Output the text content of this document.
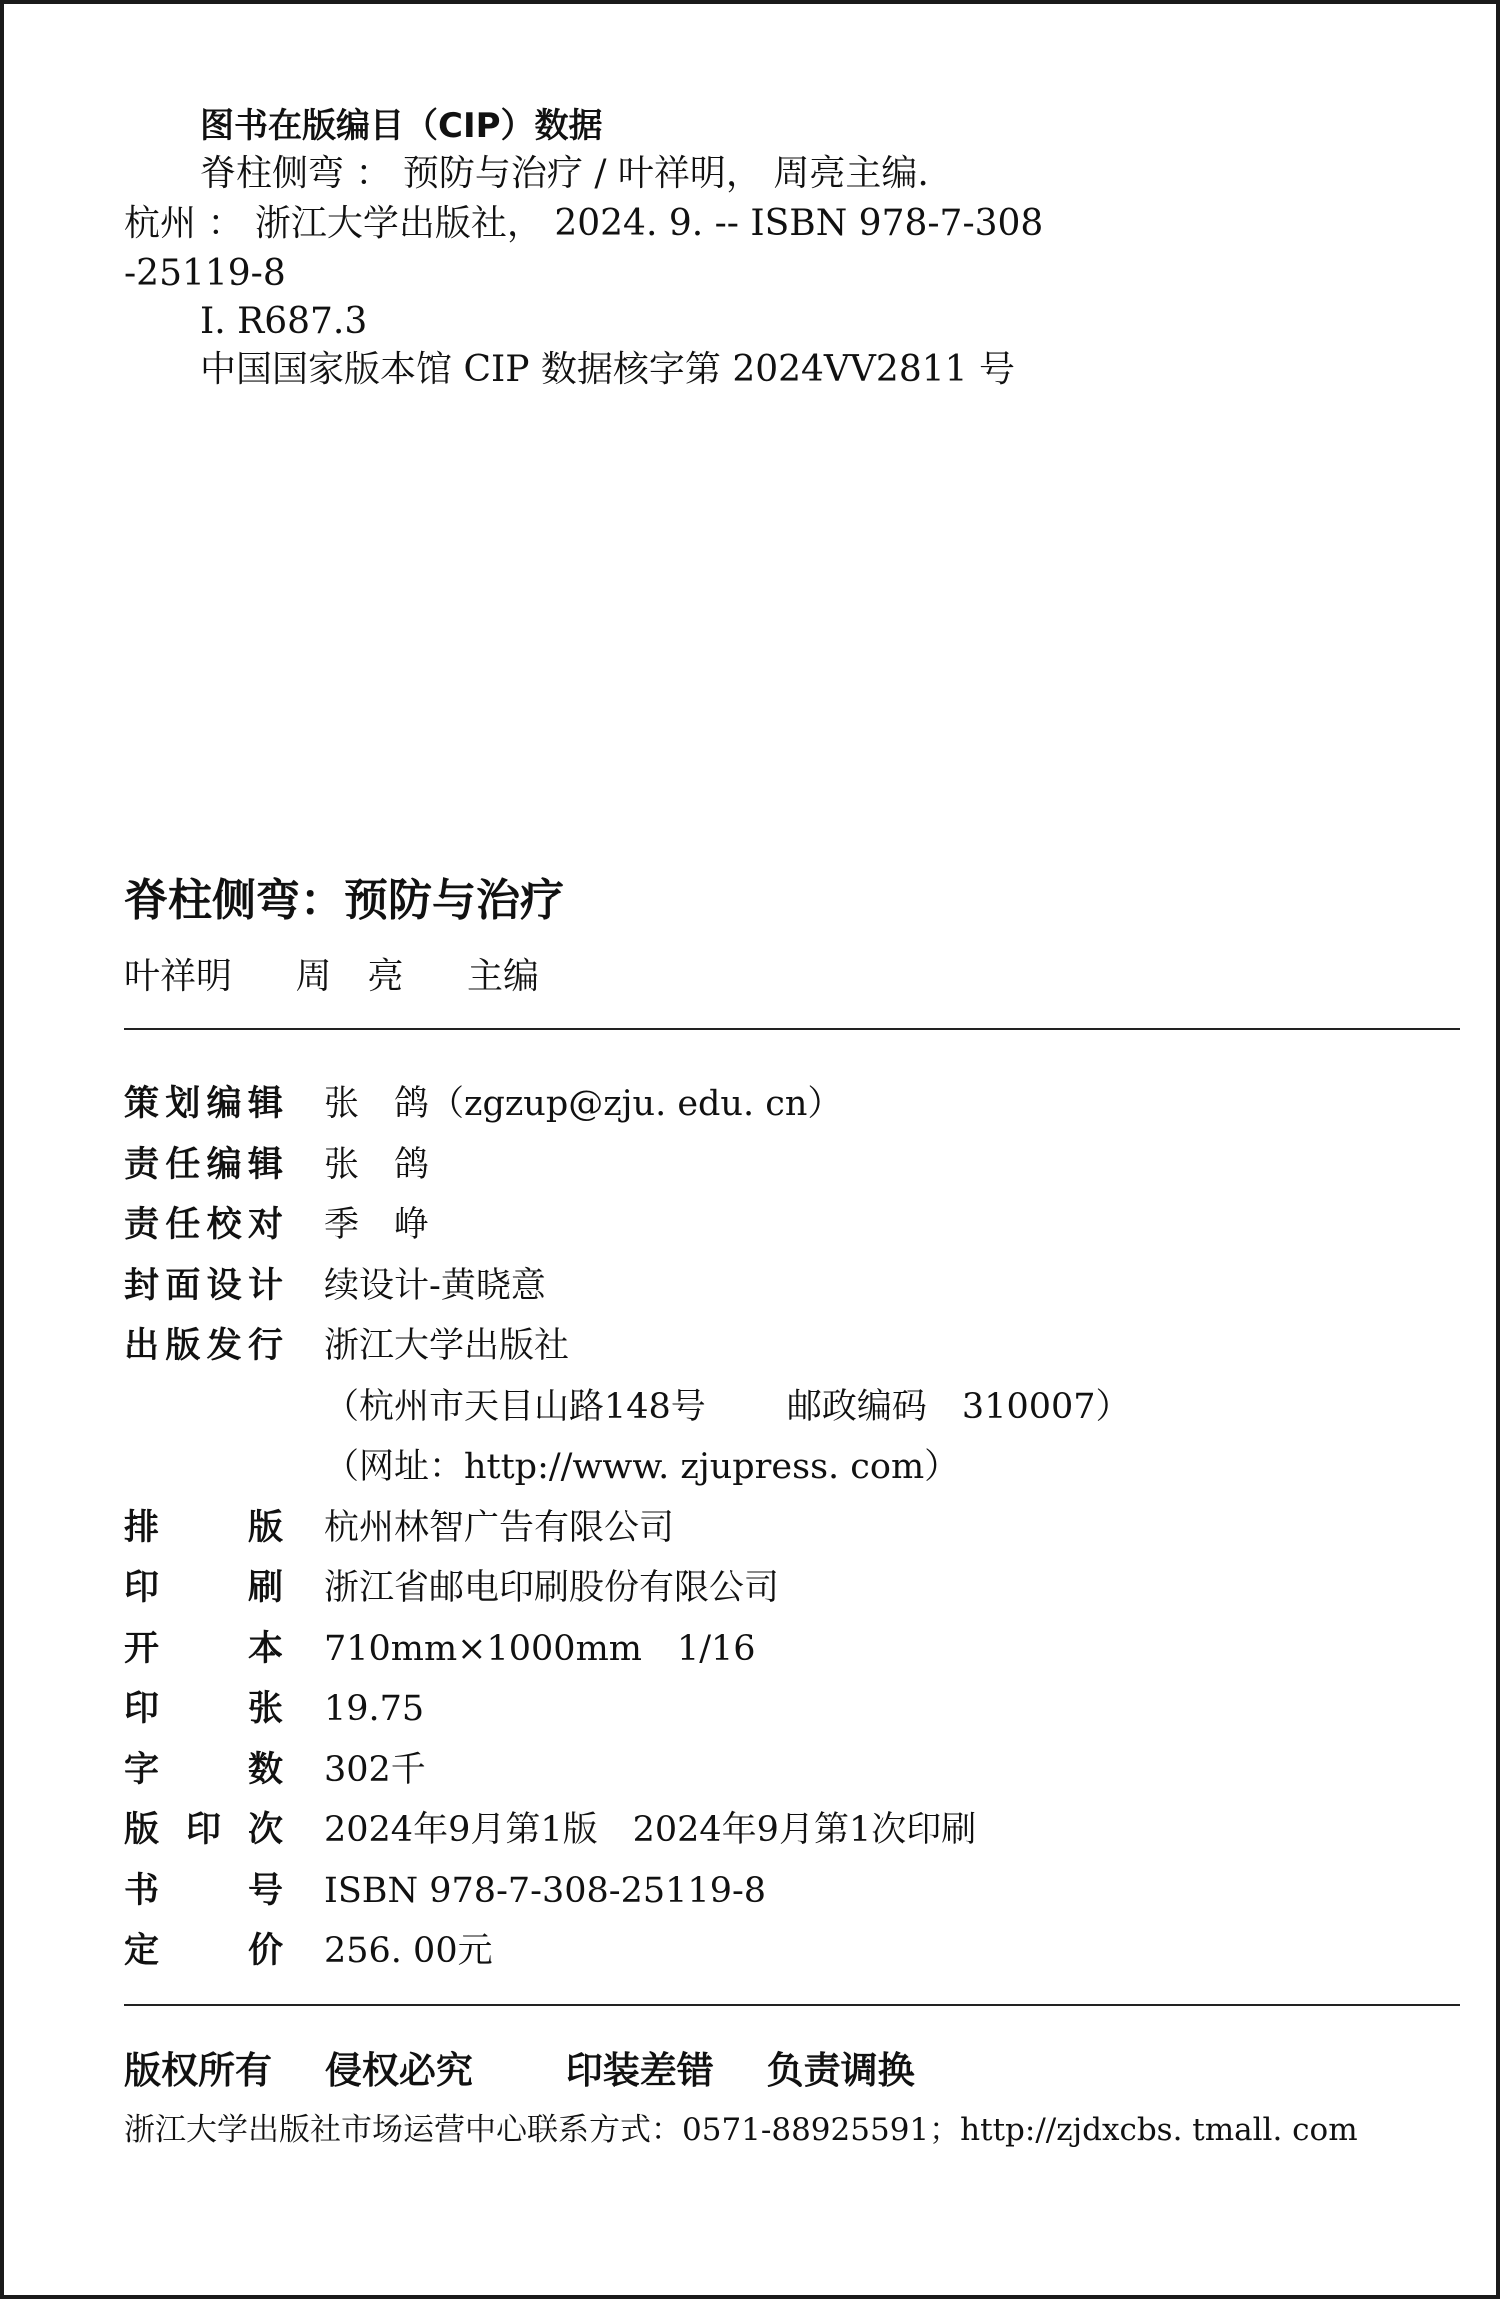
图书在版编目（CIP）数据
脊柱侧弯 ： 预防与治疗 / 叶祥明， 周亮主编.
杭州 ： 浙江大学出版社， 2024. 9. -- ISBN 978-7-308
-25119-8
Ⅰ. R687.3
中国国家版本馆 CIP 数据核字第 2024VV2811 号
脊柱侧弯：预防与治疗
叶祥明 周　亮 主编
策 划 编 辑 张　鸽（zgzup@zju. edu. cn）
责 任 编 辑 张　鸽
责 任 校 对 季　峥
封 面 设 计 续设计-黄晓意
出 版 发 行 浙江大学出版社
（杭州市天目山路148号　　 邮政编码　310007）
（网址：http://www. zjupress. com）
排	版 杭州林智广告有限公司
印	刷 浙江省邮电印刷股份有限公司
开	本 710mm×1000mm　1/16
印	张 19.75
字	数 302千
版 印 次 2024年9月第1版　2024年9月第1次印刷
书	号 ISBN 978-7-308-25119-8
定	价 256. 00元
版权所有 侵权必究	印装差错 负责调换
浙江大学出版社市场运营中心联系方式：0571-88925591；http://zjdxcbs. tmall. com
